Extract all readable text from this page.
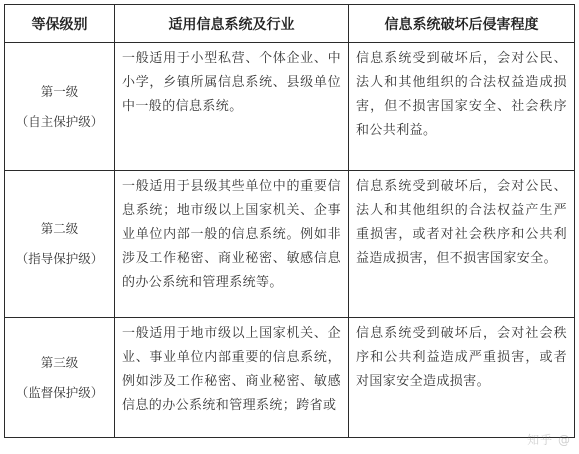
等保级别	适用信息系统及行业	信息系统破坏后侵害程度

第一级
（自主保护级）	一般适用于小型私营、个体企业、中小学，乡镇所属信息系统、县级单位中一般的信息系统。	信息系统受到破坏后，会对公民、法人和其他组织的合法权益造成损害，但不损害国家安全、社会秩序和公共利益。

第二级
（指导保护级）	一般适用于县级其些单位中的重要信息系统；地市级以上国家机关、企事业单位内部一般的信息系统。例如非涉及工作秘密、商业秘密、敏感信息的办公系统和管理系统等。	信息系统受到破坏后，会对公民、法人和其他组织的合法权益产生严重损害，或者对社会秩序和公共利益造成损害，但不损害国家安全。

第三级
（监督保护级）	一般适用于地市级以上国家机关、企业、事业单位内部重要的信息系统，例如涉及工作秘密、商业秘密、敏感信息的办公系统和管理系统；跨省或	信息系统受到破坏后，会对社会秩序和公共利益造成严重损害，或者对国家安全造成损害。
知乎 @
